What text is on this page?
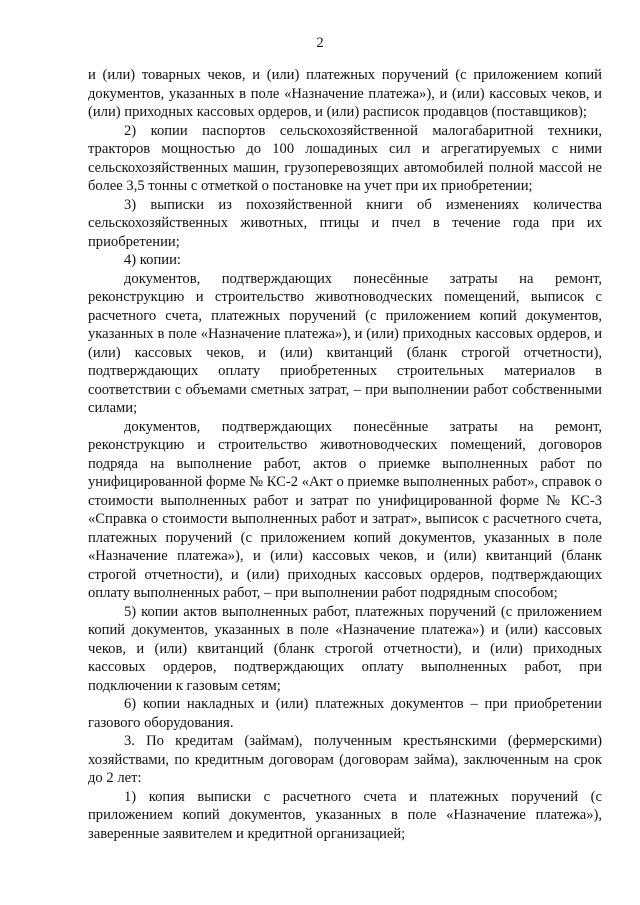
2

и (или) товарных чеков, и (или) платежных поручений (с приложением копий документов, указанных в поле «Назначение платежа»), и (или) кассовых чеков, и (или) приходных кассовых ордеров, и (или) расписок продавцов (поставщиков);

2) копии паспортов сельскохозяйственной малогабаритной техники, тракторов мощностью до 100 лошадиных сил и агрегатируемых с ними сельскохозяйственных машин, грузоперевозящих автомобилей полной массой не более 3,5 тонны с отметкой о постановке на учет при их приобретении;

3) выписки из похозяйственной книги об изменениях количества сельскохозяйственных животных, птицы и пчел в течение года при их приобретении;

4) копии:

документов, подтверждающих понесённые затраты на ремонт, реконструкцию и строительство животноводческих помещений, выписок с расчетного счета, платежных поручений (с приложением копий документов, указанных в поле «Назначение платежа»), и (или) приходных кассовых ордеров, и (или) кассовых чеков, и (или) квитанций (бланк строгой отчетности), подтверждающих оплату приобретенных строительных материалов в соответствии с объемами сметных затрат, – при выполнении работ собственными силами;

документов, подтверждающих понесённые затраты на ремонт, реконструкцию и строительство животноводческих помещений, договоров подряда на выполнение работ, актов о приемке выполненных работ по унифицированной форме № КС-2 «Акт о приемке выполненных работ», справок о стоимости выполненных работ и затрат по унифицированной форме № КС-3 «Справка о стоимости выполненных работ и затрат», выписок с расчетного счета, платежных поручений (с приложением копий документов, указанных в поле «Назначение платежа»), и (или) кассовых чеков, и (или) квитанций (бланк строгой отчетности), и (или) приходных кассовых ордеров, подтверждающих оплату выполненных работ, – при выполнении работ подрядным способом;

5) копии актов выполненных работ, платежных поручений (с приложением копий документов, указанных в поле «Назначение платежа») и (или) кассовых чеков, и (или) квитанций (бланк строгой отчетности), и (или) приходных кассовых ордеров, подтверждающих оплату выполненных работ, при подключении к газовым сетям;

6) копии накладных и (или) платежных документов – при приобретении газового оборудования.

3. По кредитам (займам), полученным крестьянскими (фермерскими) хозяйствами, по кредитным договорам (договорам займа), заключенным на срок до 2 лет:

1) копия выписки с расчетного счета и платежных поручений (с приложением копий документов, указанных в поле «Назначение платежа»), заверенные заявителем и кредитной организацией;
